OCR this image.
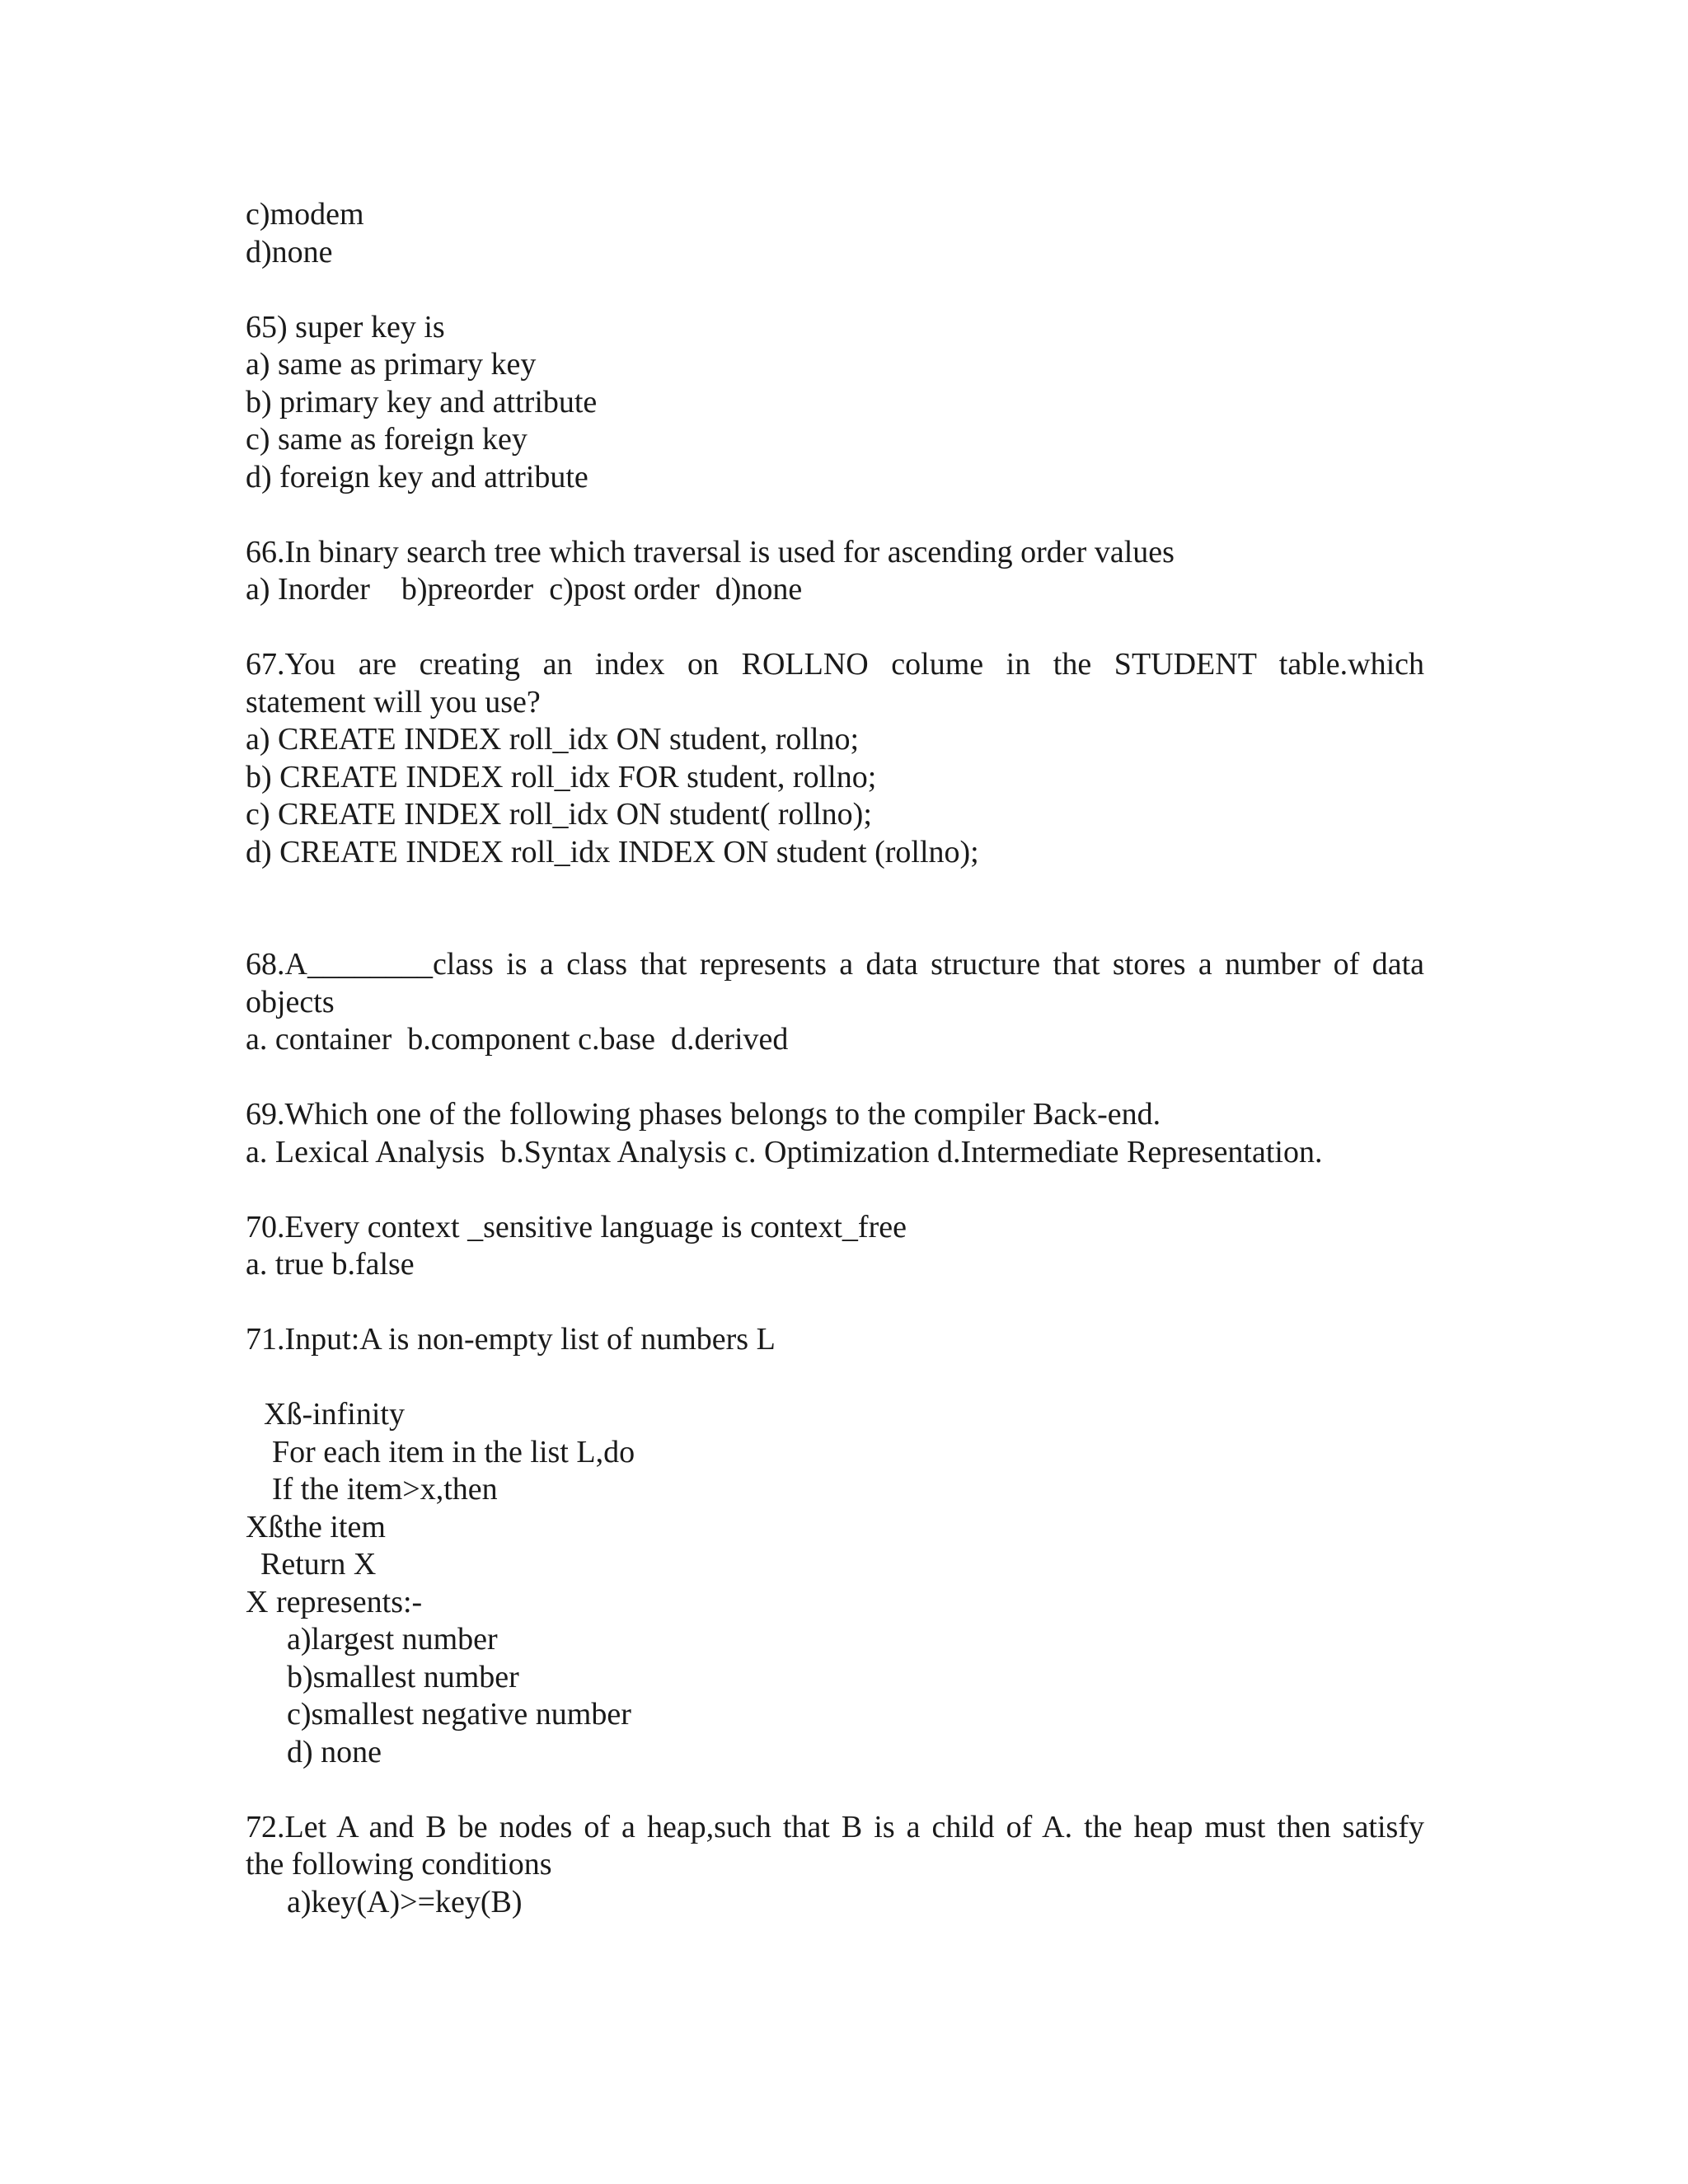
c)modem
d)none
65) super key is
a) same as primary key
b) primary key and attribute
c) same as foreign key
d) foreign key and attribute
66.In binary search tree which traversal is used for ascending order values
a) Inorder    b)preorder  c)post order  d)none
67.You are creating an index on ROLLNO colume in the STUDENT table.which
statement will you use?
a) CREATE INDEX roll_idx ON student, rollno;
b) CREATE INDEX roll_idx FOR student, rollno;
c) CREATE INDEX roll_idx ON student( rollno);
d) CREATE INDEX roll_idx INDEX ON student (rollno);
68.A________class is a class that represents a data structure that stores a number of data
objects
a. container  b.component c.base  d.derived
69.Which one of the following phases belongs to the compiler Back-end.
a. Lexical Analysis  b.Syntax Analysis c. Optimization d.Intermediate Representation.
70.Every context _sensitive language is context_free
a. true b.false
71.Input:A is non-empty list of numbers L
Xß-infinity
For each item in the list L,do
If the item>x,then
Xßthe item
Return X
X represents:-
a)largest number
b)smallest number
c)smallest negative number
d) none
72.Let A and B be nodes of a heap,such that B is a child of A. the heap must then satisfy
the following conditions
a)key(A)>=key(B)
